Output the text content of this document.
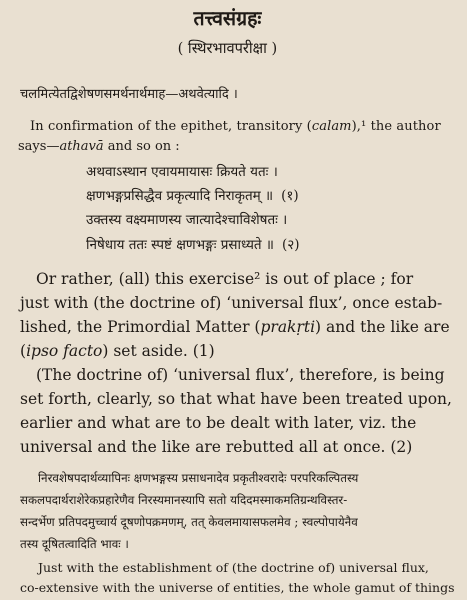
तत्त्वसंग्रहः
( स्थिरभावपरीक्षा )
चलमित्येतद्विशेषणसमर्थनार्थमाह—अथवेत्यादि ।
In confirmation of the epithet, transitory (calam),¹ the author
says—athavā and so on :
अथवाऽस्थान एवायमायासः क्रियते यतः ।
क्षणभङ्गप्रसिद्धैव प्रकृत्यादि निराकृतम् ॥ (१)
उक्तस्य वक्ष्यमाणस्य जात्यादेश्चाविशेषतः ।
निषेधाय ततः स्पष्टं क्षणभङ्गः प्रसाध्यते ॥ (२)
Or rather, (all) this exercise² is out of place ; for
just with (the doctrine of) ‘universal flux’, once estab-
lished, the Primordial Matter (prakṛti) and the like are
(ipso facto) set aside. (1)
(The doctrine of) ‘universal flux’, therefore, is being
set forth, clearly, so that what have been treated upon,
earlier and what are to be dealt with later, viz. the
universal and the like are rebutted all at once. (2)
निरवशेषपदार्थव्यापिनः क्षणभङ्गस्य प्रसाधनादेव प्रकृतीश्वरादेः परपरिकल्पितस्य
सकलपदार्थराशेरेकप्रहारेणैव निरस्यमानस्यापि सतो यदिदमस्माकमतिग्रन्थविस्तर-
सन्दर्भेण प्रतिपदमुच्चार्य दूषणोपक्रमणम्, तत् केवलमायासफलमेव ; स्वल्पोपायेनैव
तस्य दूषितत्वादिति भावः ।
Just with the establishment of (the doctrine of) universal flux,
co-extensive with the universe of entities, the whole gamut of things
